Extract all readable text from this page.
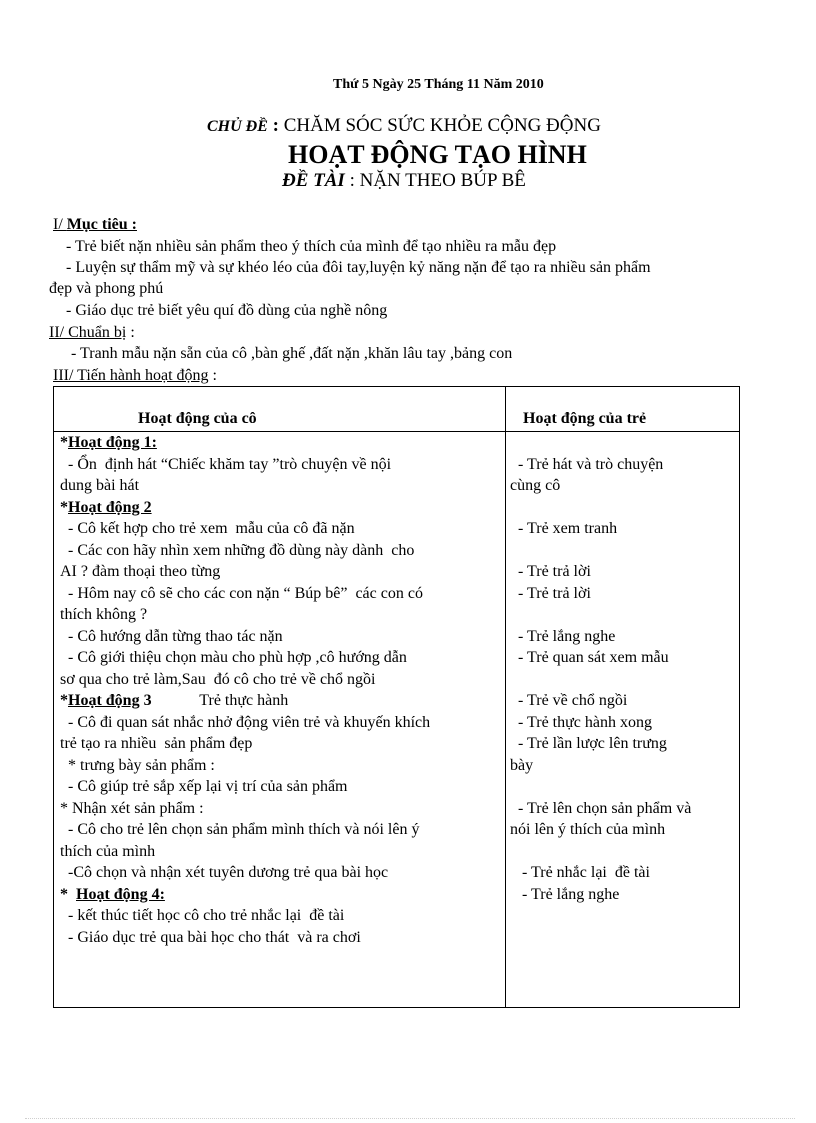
Thứ 5 Ngày 25 Tháng 11 Năm 2010
CHỦ ĐỀ : CHĂM SÓC SỨC KHỎE CỘNG ĐỘNG
HOẠT ĐỘNG TẠO HÌNH
ĐỀ TÀI : NẶN THEO BÚP BÊ
I/ Mục tiêu :
- Trẻ biết nặn nhiều sản phẩm theo ý thích của mình để tạo nhiều ra mẫu đẹp
- Luyện sự thẩm mỹ và sự khéo léo của đôi tay,luyện kỷ năng nặn để tạo ra nhiều sản phẩm
đẹp và phong phú
- Giáo dục trẻ biết yêu quí đồ dùng của nghề nông
II/ Chuẩn bị :
- Tranh mẫu nặn sẵn của cô ,bàn ghế ,đất nặn ,khăn lâu tay ,bảng con
III/ Tiến hành hoạt động :
Hoạt động của cô	Hoạt động của trẻ
*Hoạt động 1:
- Ổn  định hát “Chiếc khăm tay ”trò chuyện về nội
dung bài hát
*Hoạt động 2
- Cô kết hợp cho trẻ xem  mẫu của cô đã nặn
- Các con hãy nhìn xem những đồ dùng này dành  cho
AI ? đàm thoại theo từng
- Hôm nay cô sẽ cho các con nặn “ Búp bê”  các con có
thích không ?
- Cô hướng dẫn từng thao tác nặn
- Cô giới thiệu chọn màu cho phù hợp ,cô hướng dẫn
sơ qua cho trẻ làm,Sau  đó cô cho trẻ về chổ ngồi
*Hoạt động 3            Trẻ thực hành
- Cô đi quan sát nhắc nhở động viên trẻ và khuyến khích
trẻ tạo ra nhiều  sản phẩm đẹp
* trưng bày sản phẩm :
- Cô giúp trẻ sắp xếp lại vị trí của sản phẩm
* Nhận xét sản phẩm :
- Cô cho trẻ lên chọn sản phẩm mình thích và nói lên ý
thích của mình
-Cô chọn và nhận xét tuyên dương trẻ qua bài học
*  Hoạt động 4:
- kết thúc tiết học cô cho trẻ nhắc lại  đề tài
- Giáo dục trẻ qua bài học cho thát  và ra chơi
- Trẻ hát và trò chuyện
cùng cô
- Trẻ xem tranh
- Trẻ trả lời
- Trẻ trả lời
- Trẻ lắng nghe
- Trẻ quan sát xem mẫu
- Trẻ về chổ ngồi
- Trẻ thực hành xong
- Trẻ lần lược lên trưng
bày
- Trẻ lên chọn sản phẩm và
nói lên ý thích của mình
- Trẻ nhắc lại  đề tài
- Trẻ lắng nghe
